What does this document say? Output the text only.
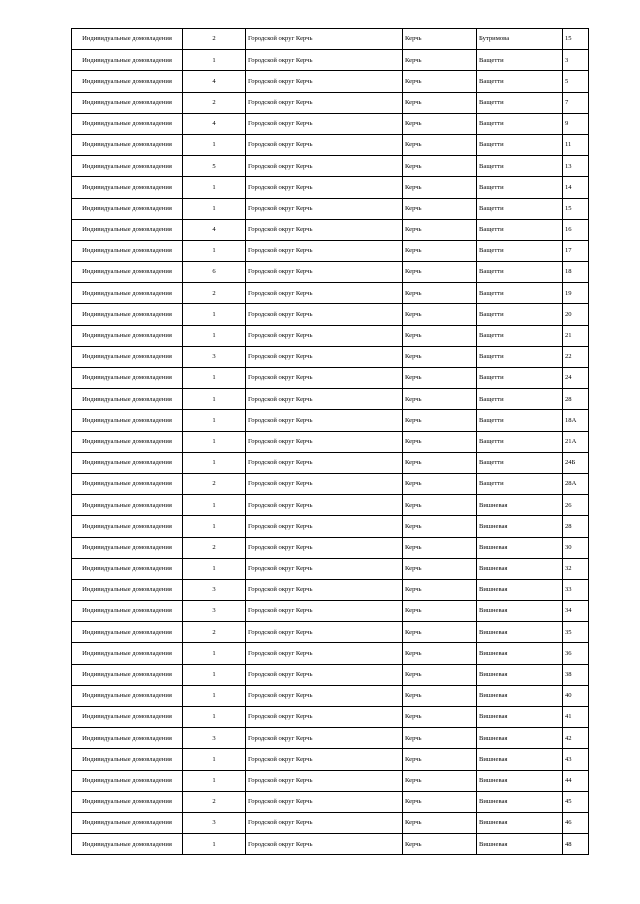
Индивидуальные домовладения	2	Городской округ Керчь	Керчь	Бутримова	15
Индивидуальные домовладения	1	Городской округ Керчь	Керчь	Ващетти	3
Индивидуальные домовладения	4	Городской округ Керчь	Керчь	Ващетти	5
Индивидуальные домовладения	2	Городской округ Керчь	Керчь	Ващетти	7
Индивидуальные домовладения	4	Городской округ Керчь	Керчь	Ващетти	9
Индивидуальные домовладения	1	Городской округ Керчь	Керчь	Ващетти	11
Индивидуальные домовладения	5	Городской округ Керчь	Керчь	Ващетти	13
Индивидуальные домовладения	1	Городской округ Керчь	Керчь	Ващетти	14
Индивидуальные домовладения	1	Городской округ Керчь	Керчь	Ващетти	15
Индивидуальные домовладения	4	Городской округ Керчь	Керчь	Ващетти	16
Индивидуальные домовладения	1	Городской округ Керчь	Керчь	Ващетти	17
Индивидуальные домовладения	6	Городской округ Керчь	Керчь	Ващетти	18
Индивидуальные домовладения	2	Городской округ Керчь	Керчь	Ващетти	19
Индивидуальные домовладения	1	Городской округ Керчь	Керчь	Ващетти	20
Индивидуальные домовладения	1	Городской округ Керчь	Керчь	Ващетти	21
Индивидуальные домовладения	3	Городской округ Керчь	Керчь	Ващетти	22
Индивидуальные домовладения	1	Городской округ Керчь	Керчь	Ващетти	24
Индивидуальные домовладения	1	Городской округ Керчь	Керчь	Ващетти	28
Индивидуальные домовладения	1	Городской округ Керчь	Керчь	Ващетти	18А
Индивидуальные домовладения	1	Городской округ Керчь	Керчь	Ващетти	21А
Индивидуальные домовладения	1	Городской округ Керчь	Керчь	Ващетти	24Б
Индивидуальные домовладения	2	Городской округ Керчь	Керчь	Ващетти	28А
Индивидуальные домовладения	1	Городской округ Керчь	Керчь	Вишневая	26
Индивидуальные домовладения	1	Городской округ Керчь	Керчь	Вишневая	28
Индивидуальные домовладения	2	Городской округ Керчь	Керчь	Вишневая	30
Индивидуальные домовладения	1	Городской округ Керчь	Керчь	Вишневая	32
Индивидуальные домовладения	3	Городской округ Керчь	Керчь	Вишневая	33
Индивидуальные домовладения	3	Городской округ Керчь	Керчь	Вишневая	34
Индивидуальные домовладения	2	Городской округ Керчь	Керчь	Вишневая	35
Индивидуальные домовладения	1	Городской округ Керчь	Керчь	Вишневая	36
Индивидуальные домовладения	1	Городской округ Керчь	Керчь	Вишневая	38
Индивидуальные домовладения	1	Городской округ Керчь	Керчь	Вишневая	40
Индивидуальные домовладения	1	Городской округ Керчь	Керчь	Вишневая	41
Индивидуальные домовладения	3	Городской округ Керчь	Керчь	Вишневая	42
Индивидуальные домовладения	1	Городской округ Керчь	Керчь	Вишневая	43
Индивидуальные домовладения	1	Городской округ Керчь	Керчь	Вишневая	44
Индивидуальные домовладения	2	Городской округ Керчь	Керчь	Вишневая	45
Индивидуальные домовладения	3	Городской округ Керчь	Керчь	Вишневая	46
Индивидуальные домовладения	1	Городской округ Керчь	Керчь	Вишневая	48
